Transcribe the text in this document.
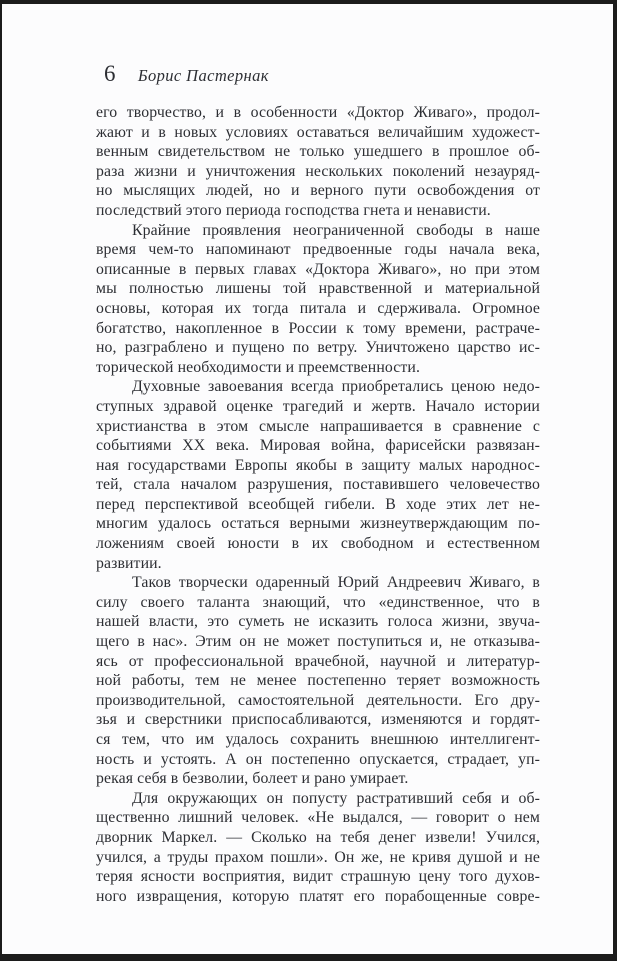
6 Борис Пастернак
его творчество, и в особенности «Доктор Живаго», продол-
жают и в новых условиях оставаться величайшим художест-
венным свидетельством не только ушедшего в прошлое об-
раза жизни и уничтожения нескольких поколений незауряд-
но мыслящих людей, но и верного пути освобождения от
последствий этого периода господства гнета и ненависти.
Крайние проявления неограниченной свободы в наше
время чем-то напоминают предвоенные годы начала века,
описанные в первых главах «Доктора Живаго», но при этом
мы полностью лишены той нравственной и материальной
основы, которая их тогда питала и сдерживала. Огромное
богатство, накопленное в России к тому времени, растраче-
но, разграблено и пущено по ветру. Уничтожено царство ис-
торической необходимости и преемственности.
Духовные завоевания всегда приобретались ценою недо-
ступных здравой оценке трагедий и жертв. Начало истории
христианства в этом смысле напрашивается в сравнение с
событиями XX века. Мировая война, фарисейски развязан-
ная государствами Европы якобы в защиту малых народнос-
тей, стала началом разрушения, поставившего человечество
перед перспективой всеобщей гибели. В ходе этих лет не-
многим удалось остаться верными жизнеутверждающим по-
ложениям своей юности в их свободном и естественном
развитии.
Таков творчески одаренный Юрий Андреевич Живаго, в
силу своего таланта знающий, что «единственное, что в
нашей власти, это суметь не исказить голоса жизни, звуча-
щего в нас». Этим он не может поступиться и, не отказыва-
ясь от профессиональной врачебной, научной и литератур-
ной работы, тем не менее постепенно теряет возможность
производительной, самостоятельной деятельности. Его дру-
зья и сверстники приспосабливаются, изменяются и гордят-
ся тем, что им удалось сохранить внешнюю интеллигент-
ность и устоять. А он постепенно опускается, страдает, уп-
рекая себя в безволии, болеет и рано умирает.
Для окружающих он попусту растративший себя и об-
щественно лишний человек. «Не выдался, — говорит о нем
дворник Маркел. — Сколько на тебя денег извели! Учился,
учился, а труды прахом пошли». Он же, не кривя душой и не
теряя ясности восприятия, видит страшную цену того духов-
ного извращения, которую платят его порабощенные совре-
